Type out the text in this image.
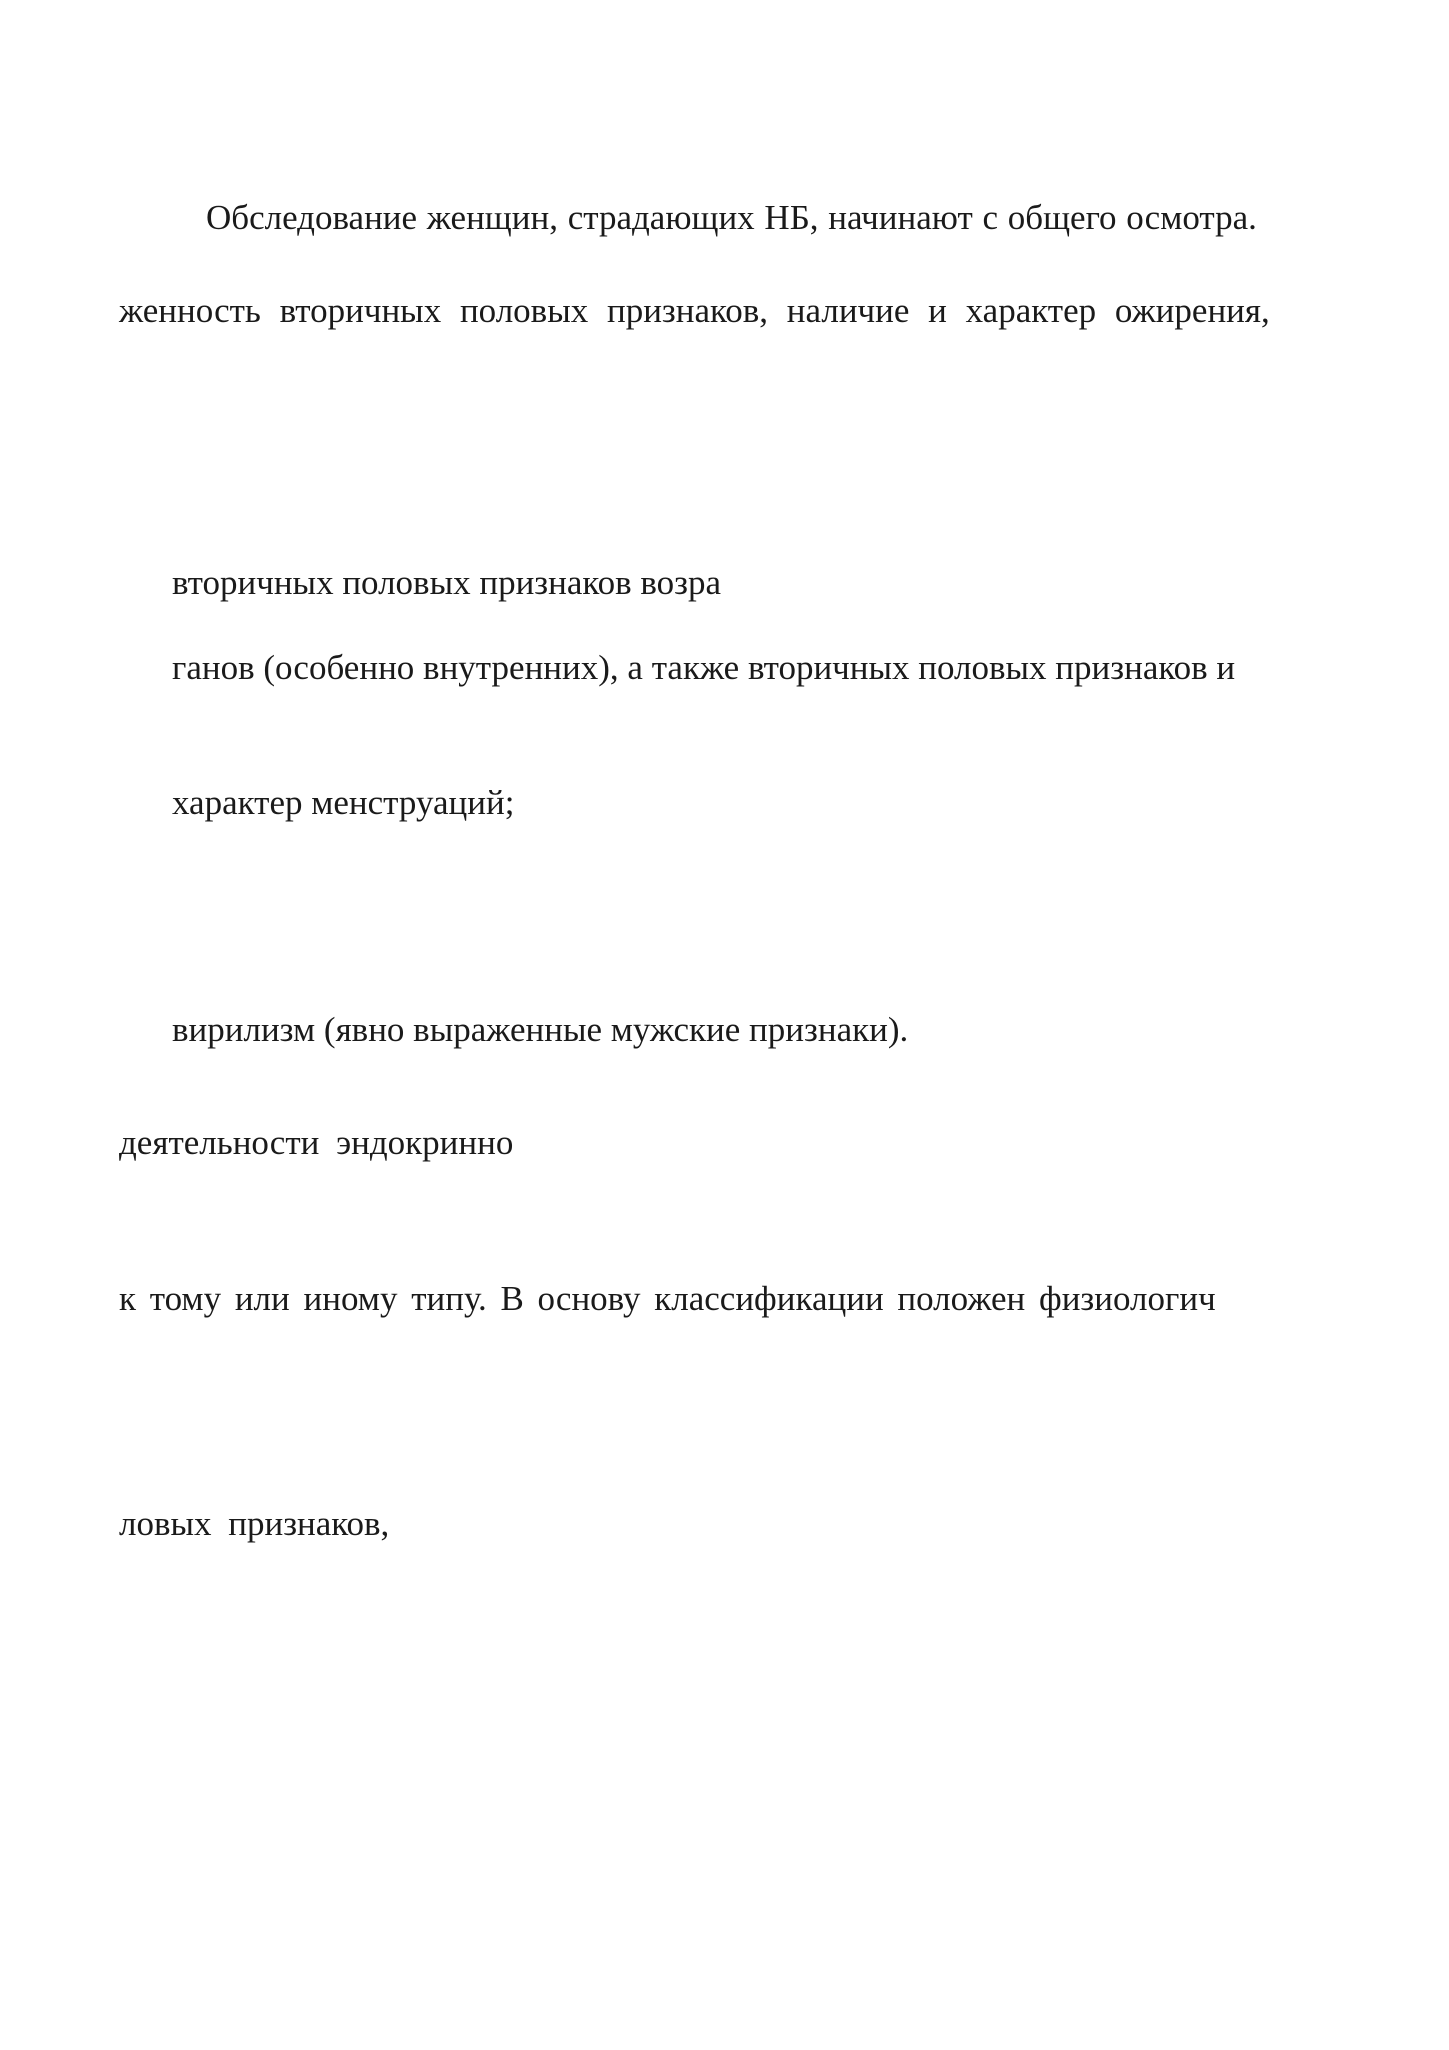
Обследование женщин, страдающих НБ, начинают с общего осмотра.
женность вторичных половых признаков, наличие и характер ожирения,
вторичных половых признаков возра
ганов (особенно внутренних), а также вторичных половых признаков и
характер менструаций;
вирилизм (явно выраженные мужские признаки).
деятельности эндокринно
к тому или иному типу. В основу классификации положен физиологич
ловых признаков,
